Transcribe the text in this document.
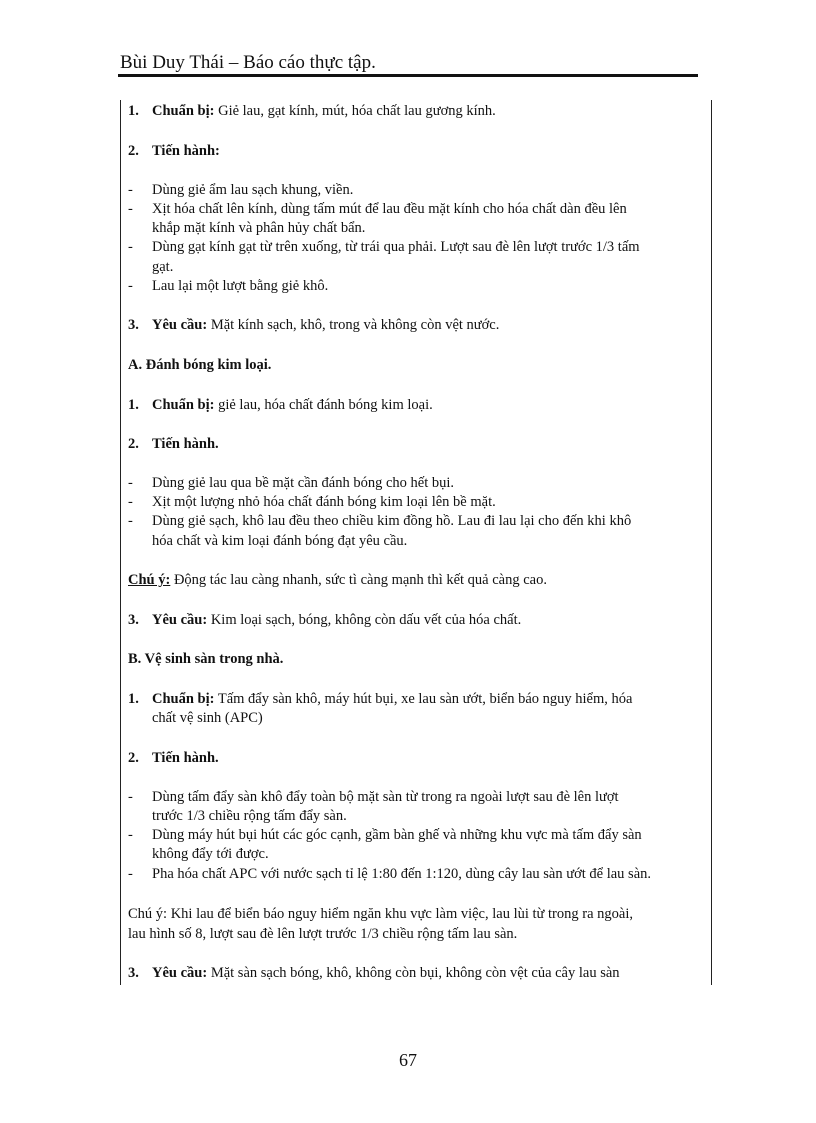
Bùi Duy Thái – Báo cáo thực tập.
1. Chuẩn bị: Giẻ lau, gạt kính, mút, hóa chất lau gương kính.
2. Tiến hành:
- Dùng giẻ ẩm lau sạch khung, viền.
- Xịt hóa chất lên kính, dùng tấm mút để lau đều mặt kính cho hóa chất dàn đều lên
khắp mặt kính và phân hủy chất bẩn.
- Dùng gạt kính gạt từ trên xuống, từ trái qua phải. Lượt sau đè lên lượt trước 1/3 tấm
gạt.
- Lau lại một lượt bằng giẻ khô.
3. Yêu cầu: Mặt kính sạch, khô, trong và không còn vệt nước.
A. Đánh bóng kim loại.
1. Chuẩn bị: giẻ lau, hóa chất đánh bóng kim loại.
2. Tiến hành.
- Dùng giẻ lau qua bề mặt cần đánh bóng cho hết bụi.
- Xịt một lượng nhỏ hóa chất đánh bóng kim loại lên bề mặt.
- Dùng giẻ sạch, khô lau đều theo chiều kim đồng hồ. Lau đi lau lại cho đến khi khô
hóa chất và kim loại đánh bóng đạt yêu cầu.
Chú ý: Động tác lau càng nhanh, sức tì càng mạnh thì kết quả càng cao.
3. Yêu cầu: Kim loại sạch, bóng, không còn dấu vết của hóa chất.
B. Vệ sinh sàn trong nhà.
1. Chuẩn bị: Tấm đẩy sàn khô, máy hút bụi, xe lau sàn ướt, biển báo nguy hiểm, hóa
chất vệ sinh (APC)
2. Tiến hành.
- Dùng tấm đẩy sàn khô đẩy toàn bộ mặt sàn từ trong ra ngoài lượt sau đè lên lượt
trước 1/3 chiều rộng tấm đẩy sàn.
- Dùng máy hút bụi hút các góc cạnh, gầm bàn ghế và những khu vực mà tấm đẩy sàn
không đẩy tới được.
- Pha hóa chất APC với nước sạch tỉ lệ 1:80 đến 1:120, dùng cây lau sàn ướt để lau sàn.
Chú ý: Khi lau để biển báo nguy hiểm ngăn khu vực làm việc, lau lùi từ trong ra ngoài,
lau hình số 8, lượt sau đè lên lượt trước 1/3 chiều rộng tấm lau sàn.
3. Yêu cầu: Mặt sàn sạch bóng, khô, không còn bụi, không còn vệt của cây lau sàn
67
